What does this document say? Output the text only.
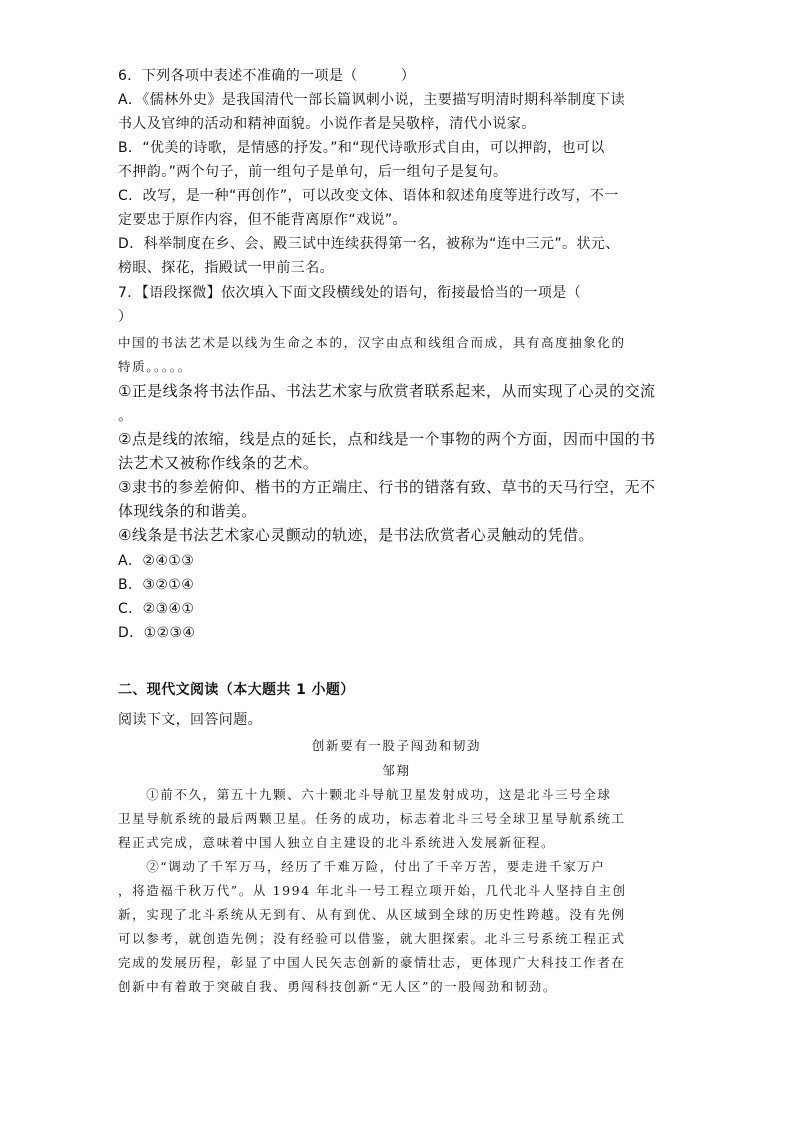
6．下列各项中表述不准确的一项是（　　　）
A．《儒林外史》是我国清代一部长篇讽刺小说，主要描写明清时期科举制度下读
书人及官绅的活动和精神面貌。小说作者是吴敬梓，清代小说家。
B．“优美的诗歌，是情感的抒发。”和“现代诗歌形式自由，可以押韵，也可以
不押韵。”两个句子，前一组句子是单句，后一组句子是复句。
C．改写，是一种“再创作”，可以改变文体、语体和叙述角度等进行改写，不一
定要忠于原作内容，但不能背离原作“戏说”。
D．科举制度在乡、会、殿三试中连续获得第一名，被称为“连中三元”。状元、
榜眼、探花，指殿试一甲前三名。
7．【语段探微】依次填入下面文段横线处的语句，衔接最恰当的一项是（
）
中国的书法艺术是以线为生命之本的，汉字由点和线组合而成，具有高度抽象化的
特质。。。。。
①正是线条将书法作品、书法艺术家与欣赏者联系起来，从而实现了心灵的交流
。
②点是线的浓缩，线是点的延长，点和线是一个事物的两个方面，因而中国的书
法艺术又被称作线条的艺术。
③隶书的参差俯仰、楷书的方正端庄、行书的错落有致、草书的天马行空，无不
体现线条的和谐美。
④线条是书法艺术家心灵颤动的轨迹，是书法欣赏者心灵触动的凭借。
A．②④①③
B．③②①④
C．②③④①
D．①②③④
二、现代文阅读（本大题共 1 小题）
阅读下文，回答问题。
创新要有一股子闯劲和韧劲
邹翔
　　①前不久，第五十九颗、六十颗北斗导航卫星发射成功，这是北斗三号全球
卫星导航系统的最后两颗卫星。任务的成功，标志着北斗三号全球卫星导航系统工
程正式完成，意味着中国人独立自主建设的北斗系统进入发展新征程。
　　②“调动了千军万马，经历了千难万险，付出了千辛万苦，要走进千家万户
，将造福千秋万代”。从 1994 年北斗一号工程立项开始，几代北斗人坚持自主创
新，实现了北斗系统从无到有、从有到优、从区域到全球的历史性跨越。没有先例
可以参考，就创造先例；没有经验可以借鉴，就大胆探索。北斗三号系统工程正式
完成的发展历程，彰显了中国人民矢志创新的豪情壮志，更体现广大科技工作者在
创新中有着敢于突破自我、勇闯科技创新“无人区”的一股闯劲和韧劲。
